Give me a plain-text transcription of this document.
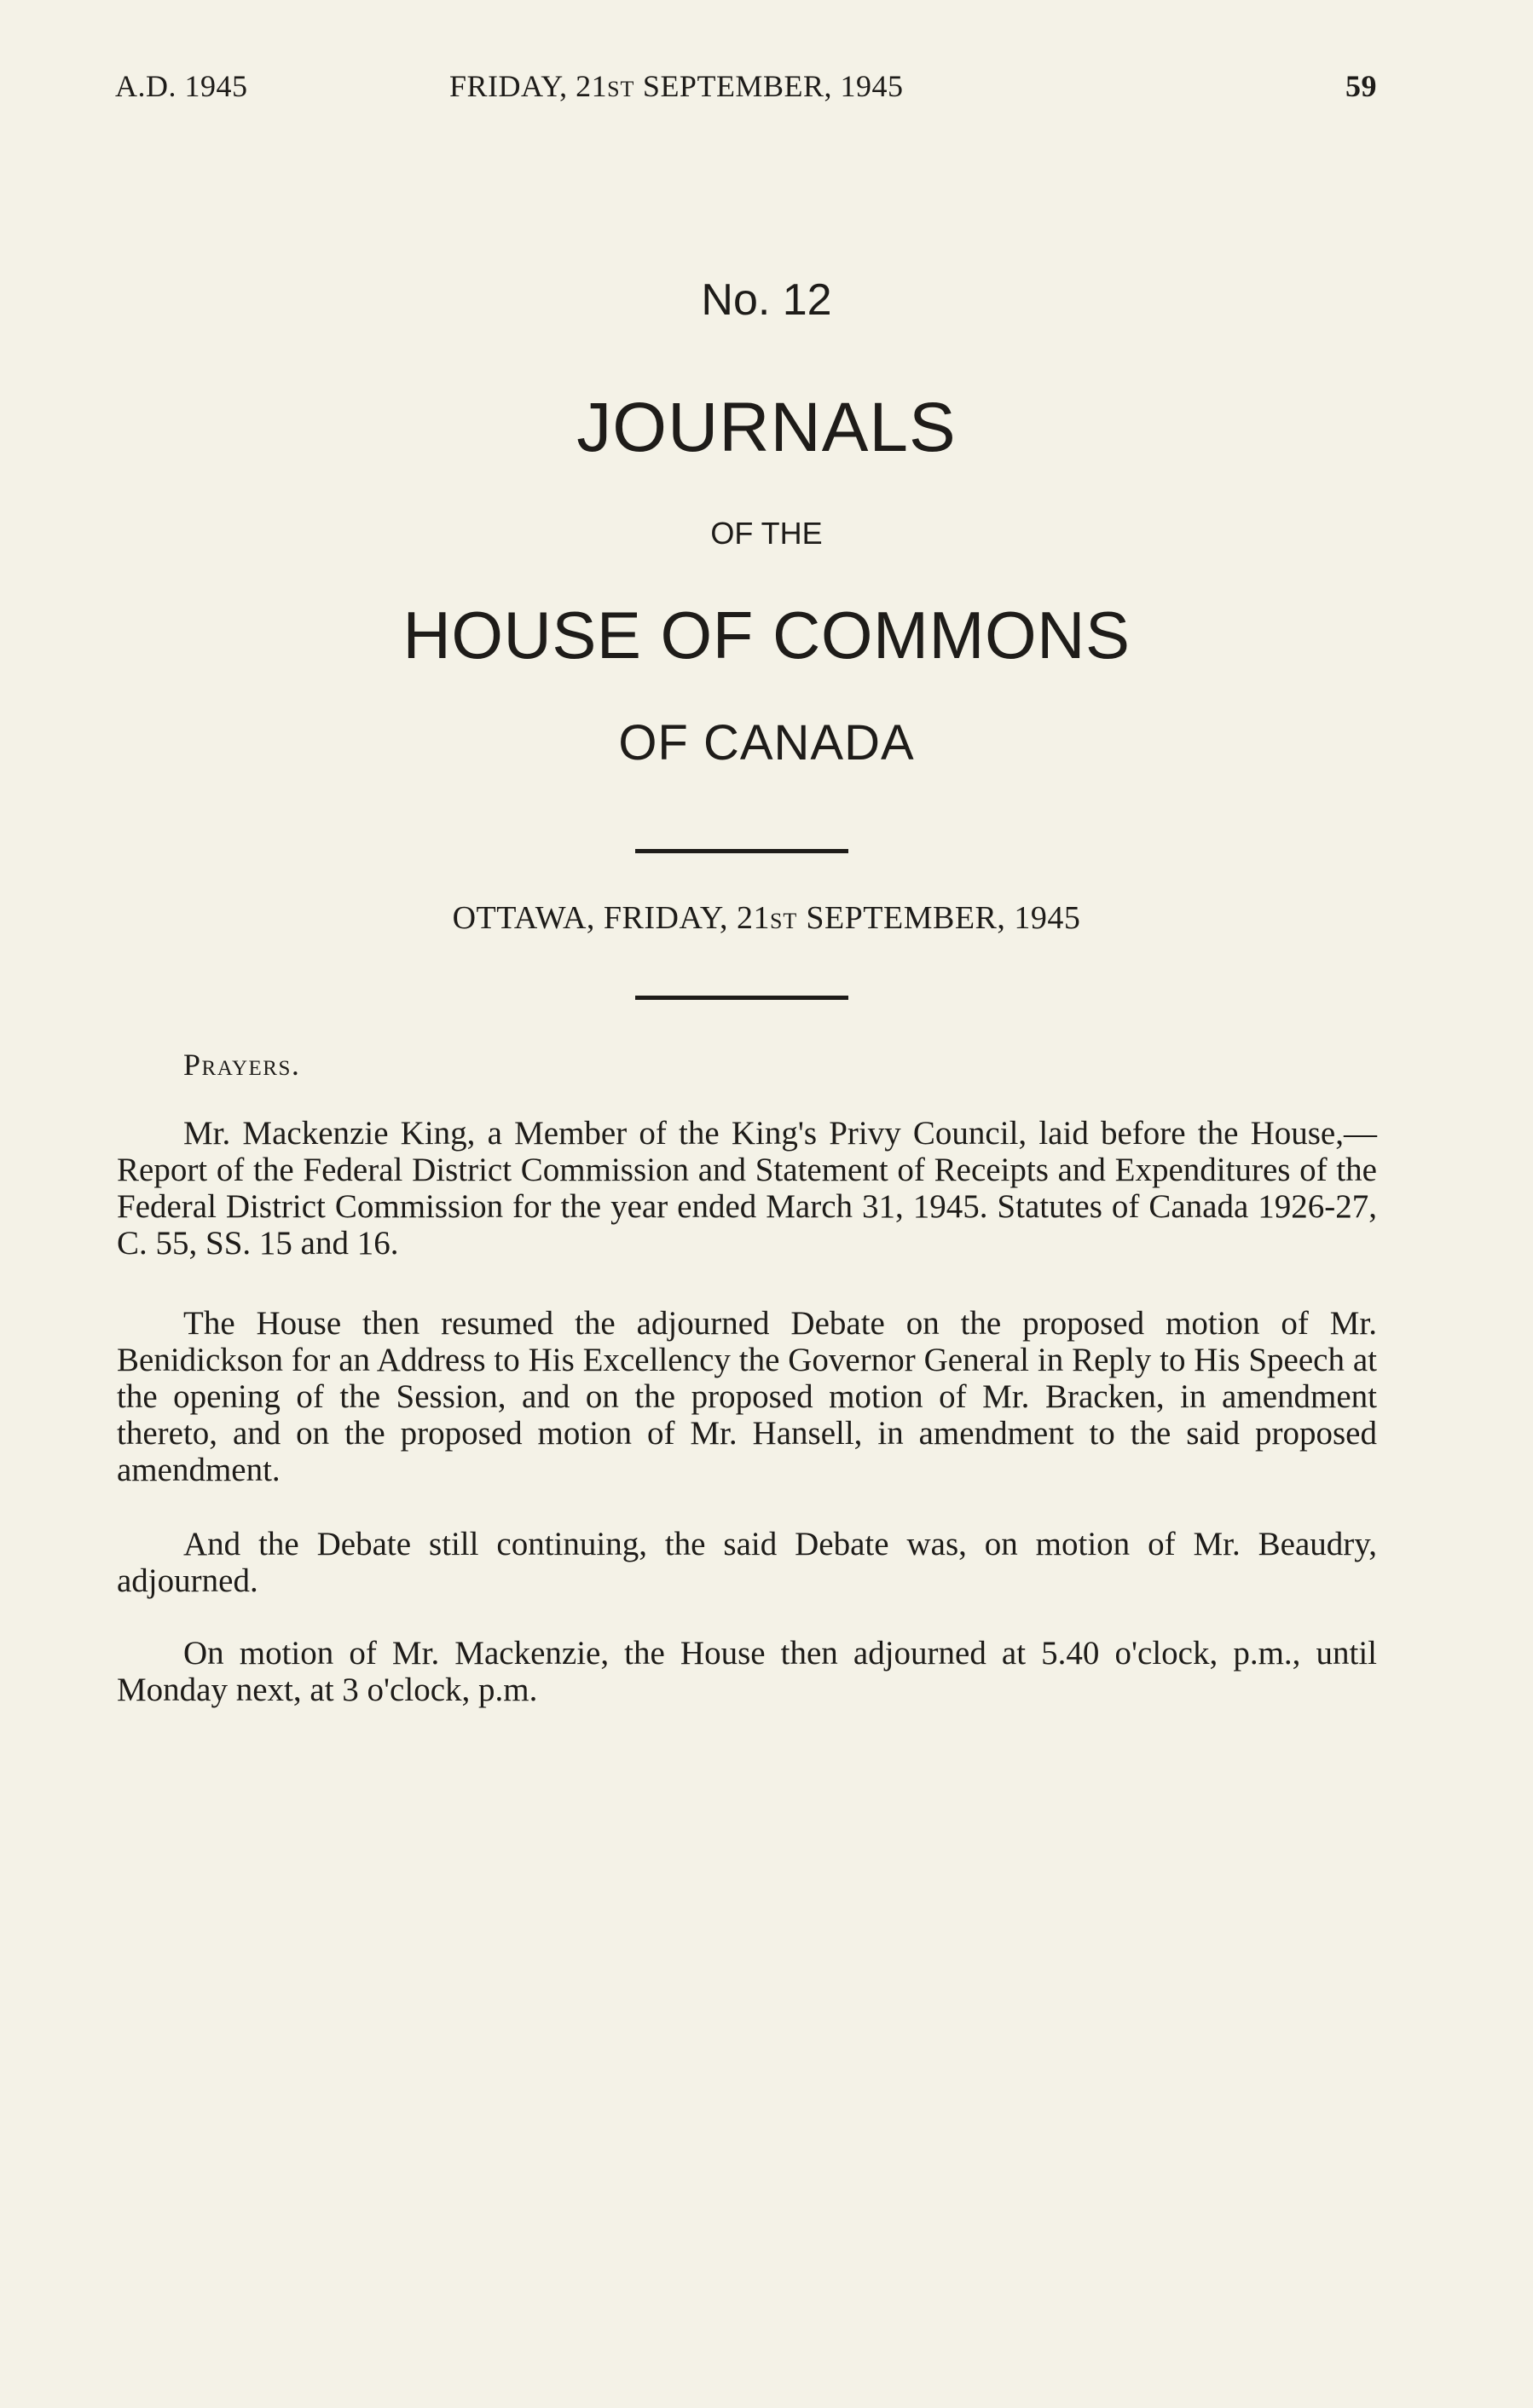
A.D. 1945	FRIDAY, 21ST SEPTEMBER, 1945	59
No. 12
JOURNALS
OF THE
HOUSE OF COMMONS
OF CANADA
OTTAWA, FRIDAY, 21ST SEPTEMBER, 1945
Prayers.

Mr. Mackenzie King, a Member of the King's Privy Council, laid before the House,—Report of the Federal District Commission and Statement of Receipts and Expenditures of the Federal District Commission for the year ended March 31, 1945. Statutes of Canada 1926-27, C. 55, SS. 15 and 16.

The House then resumed the adjourned Debate on the proposed motion of Mr. Benidickson for an Address to His Excellency the Governor General in Reply to His Speech at the opening of the Session, and on the proposed motion of Mr. Bracken, in amendment thereto, and on the proposed motion of Mr. Hansell, in amendment to the said proposed amendment.

And the Debate still continuing, the said Debate was, on motion of Mr. Beaudry, adjourned.

On motion of Mr. Mackenzie, the House then adjourned at 5.40 o'clock, p.m., until Monday next, at 3 o'clock, p.m.
